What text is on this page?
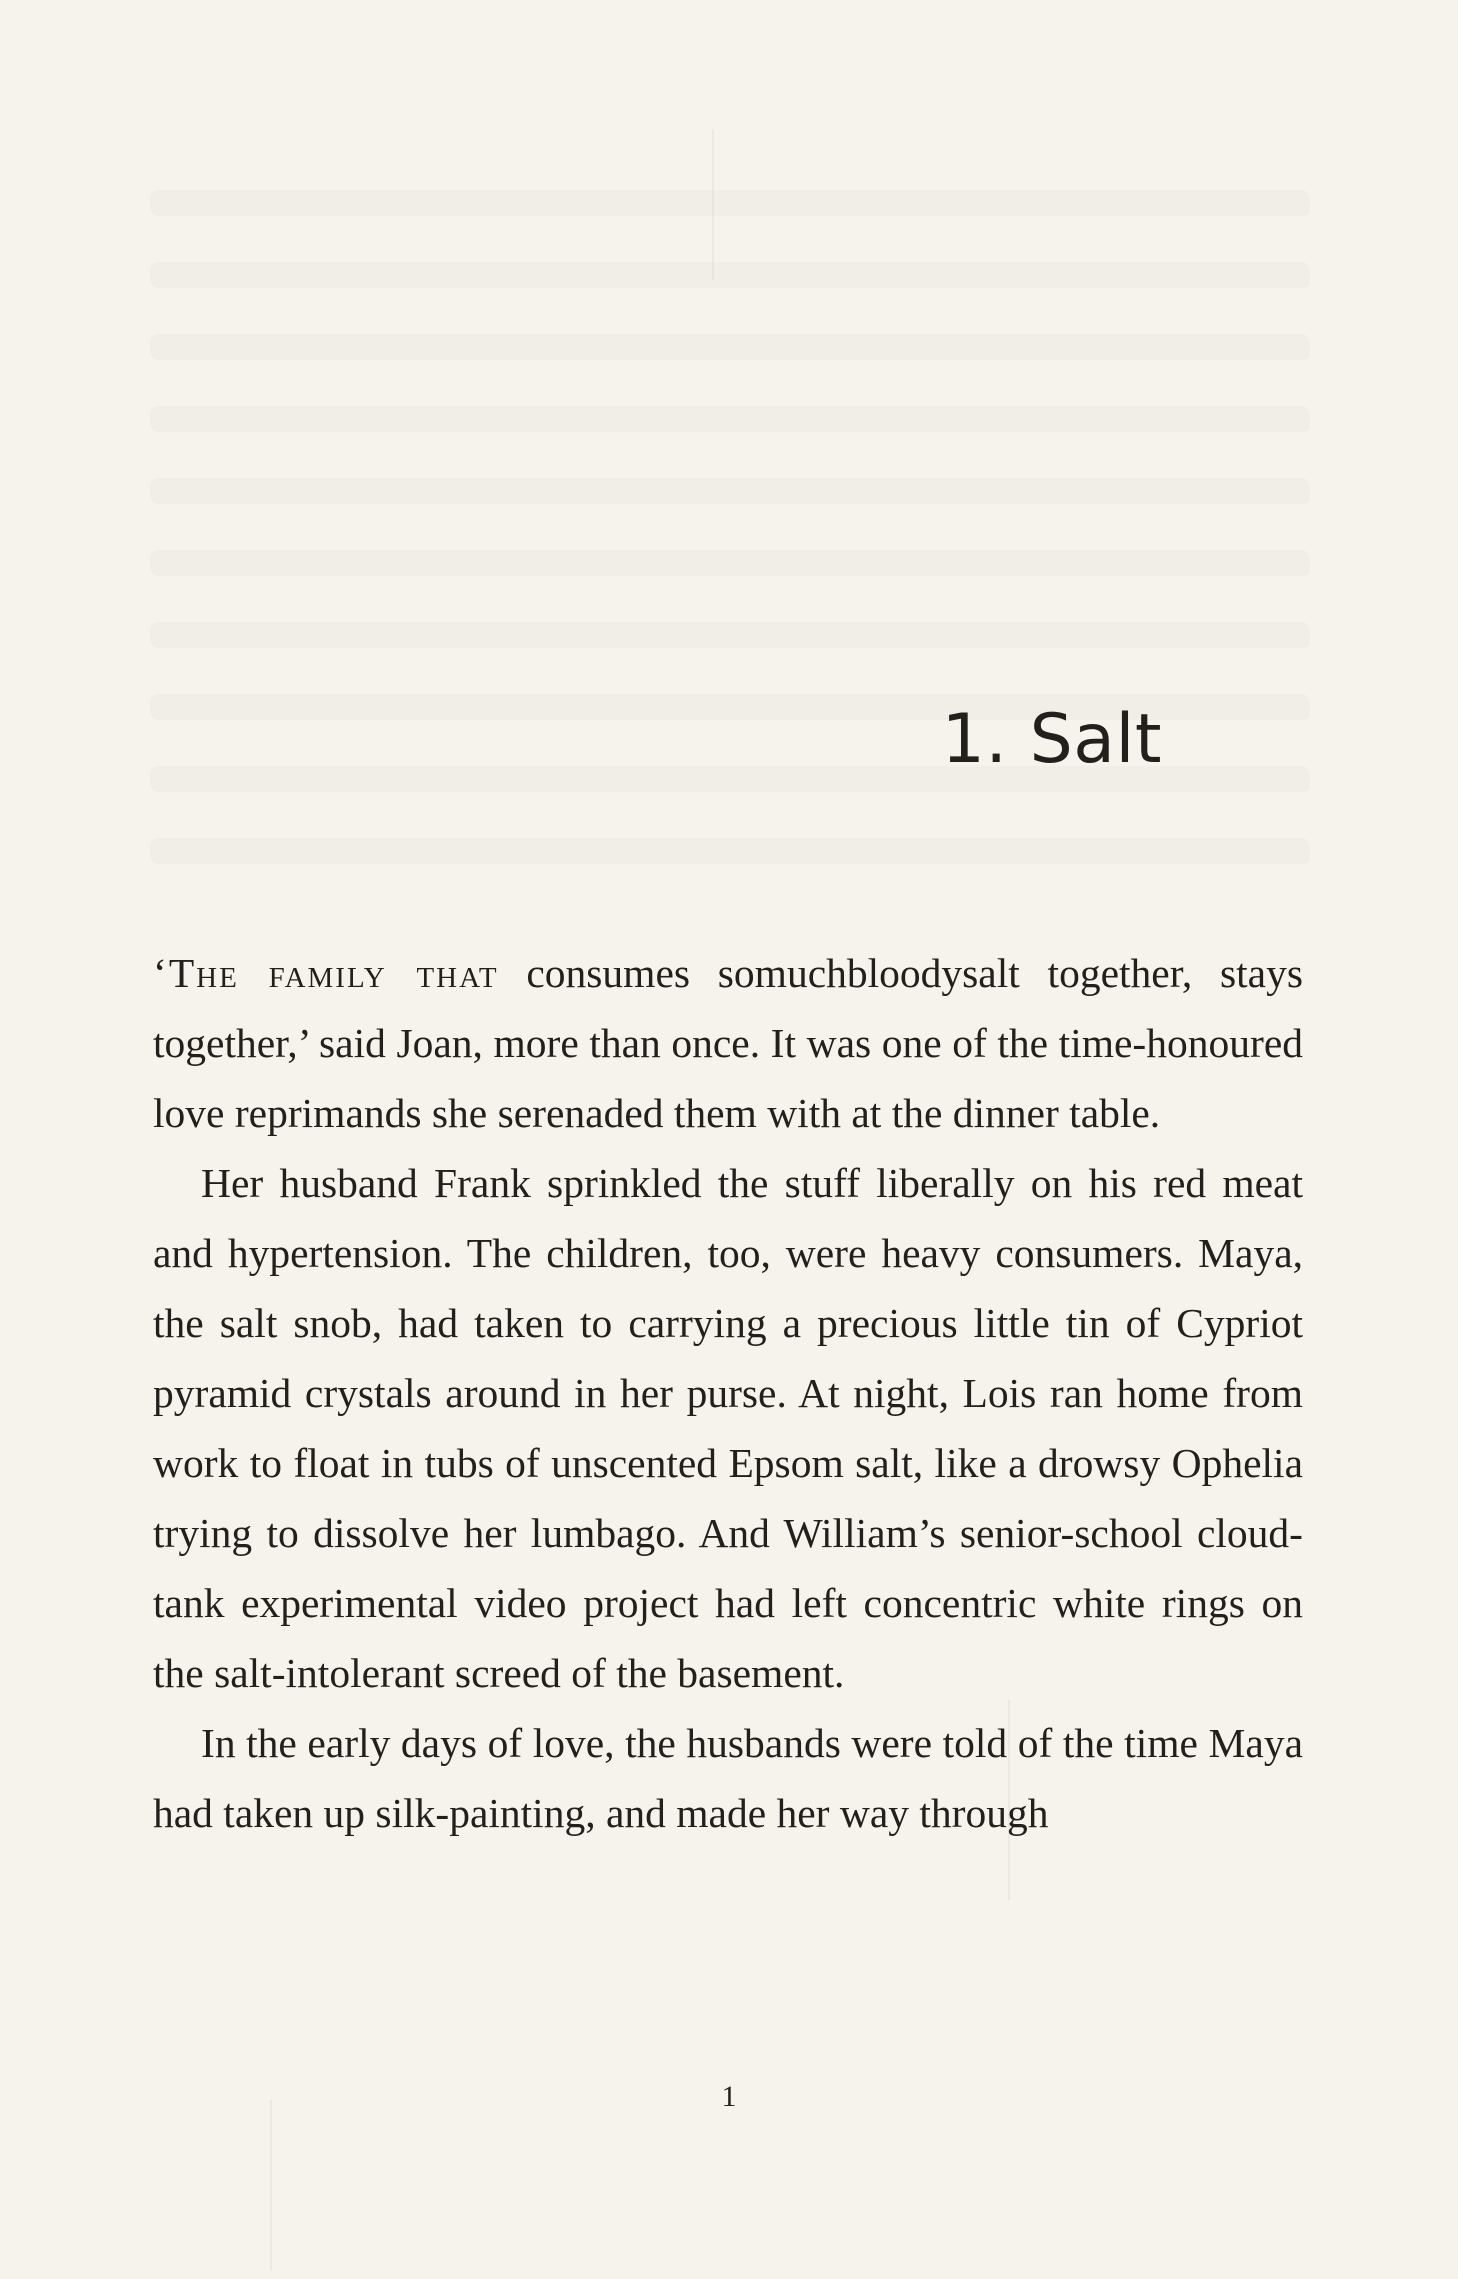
1. Salt

‘The family that consumes somuchbloodysalt together, stays together,’ said Joan, more than once. It was one of the time-honoured love reprimands she serenaded them with at the dinner table.

Her husband Frank sprinkled the stuff liberally on his red meat and hypertension. The children, too, were heavy consumers. Maya, the salt snob, had taken to carrying a precious little tin of Cypriot pyramid crystals around in her purse. At night, Lois ran home from work to float in tubs of unscented Epsom salt, like a drowsy Ophelia trying to dissolve her lumbago. And William’s senior-school cloud-tank experimental video project had left concentric white rings on the salt-intolerant screed of the basement.

In the early days of love, the husbands were told of the time Maya had taken up silk-painting, and made her way through

1
